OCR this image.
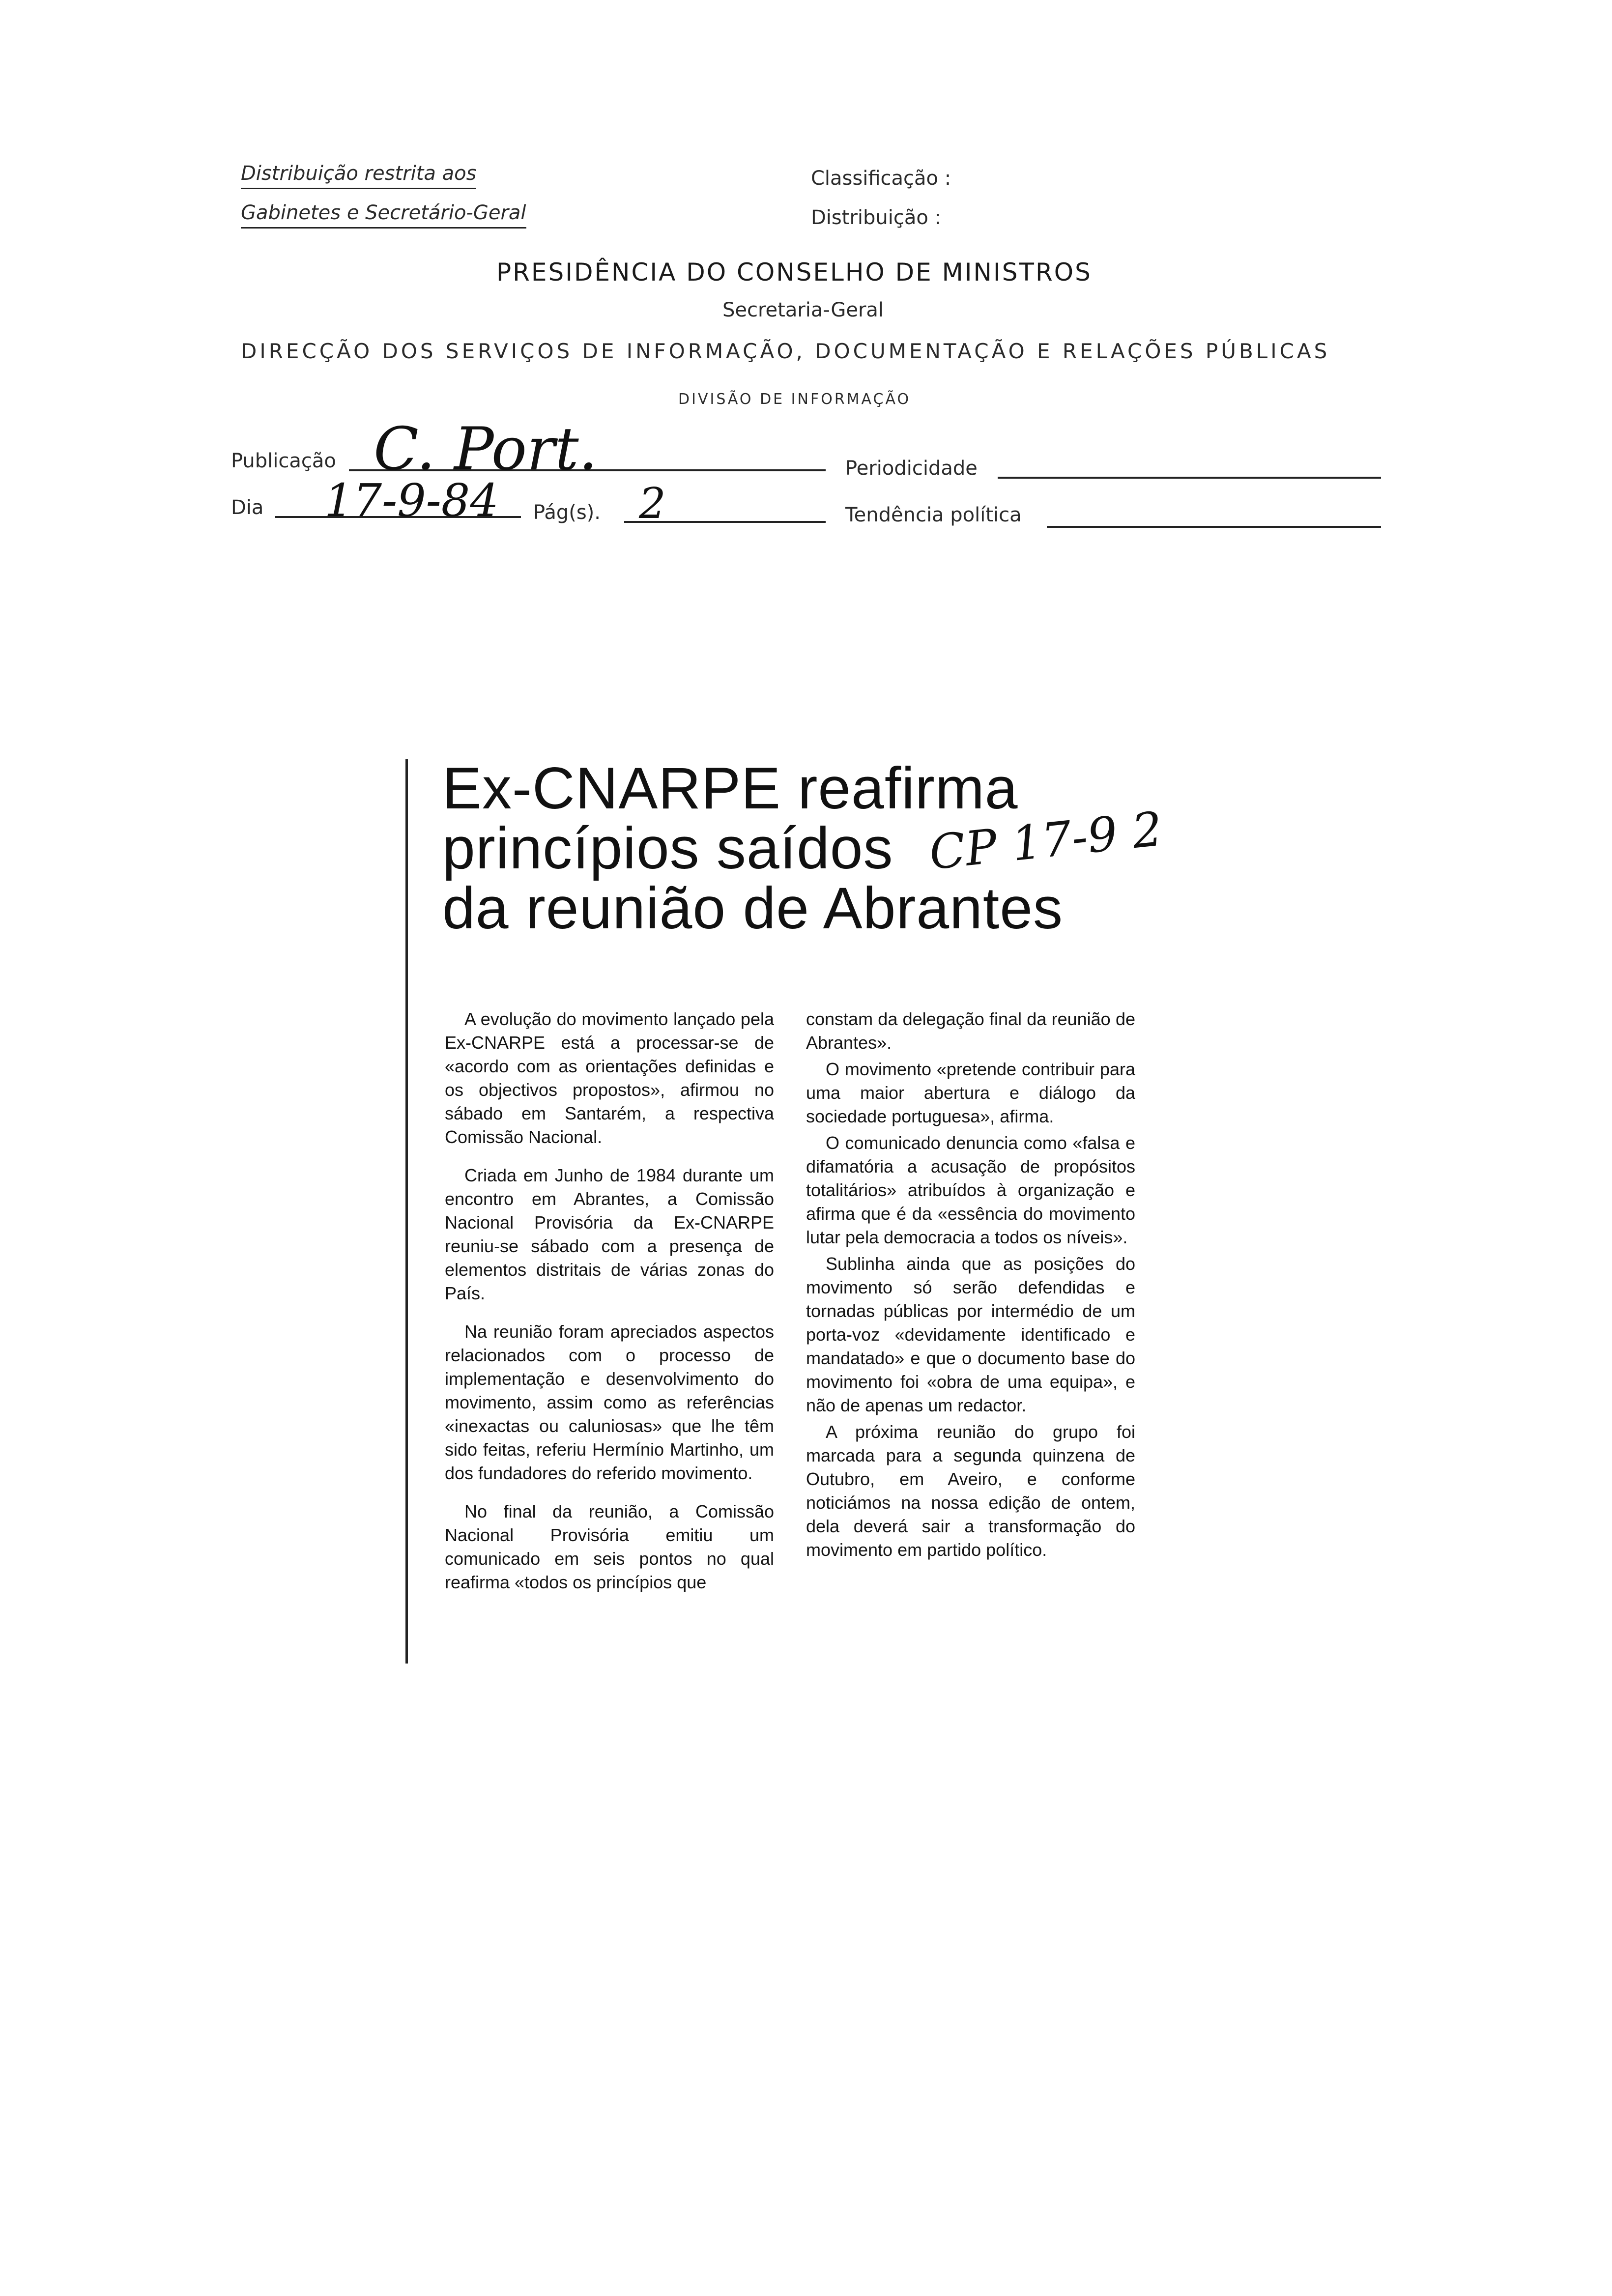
Distribuição restrita aos
Gabinetes e Secretário-Geral
Classificação :
Distribuição :
PRESIDÊNCIA DO CONSELHO DE MINISTROS
Secretaria-Geral
DIRECÇÃO DOS SERVIÇOS DE INFORMAÇÃO, DOCUMENTAÇÃO E RELAÇÕES PÚBLICAS
DIVISÃO DE INFORMAÇÃO
Publicação C. Port.	Periodicidade
Dia 17-9-84 Pág(s). 2	Tendência política
Ex-CNARPE reafirma
princípios saídos
da reunião de Abrantes
CP 17-9 2

A evolução do movimento lançado pela Ex-CNARPE está a processar-se de «acordo com as orientações definidas e os objectivos propostos», afirmou no sábado em Santarém, a respectiva Comissão Nacional.

Criada em Junho de 1984 durante um encontro em Abrantes, a Comissão Nacional Provisória da Ex-CNARPE reuniu-se sábado com a presença de elementos distritais de várias zonas do País.

Na reunião foram apreciados aspectos relacionados com o processo de implementação e desenvolvimento do movimento, assim como as referências «inexactas ou caluniosas» que lhe têm sido feitas, referiu Hermínio Martinho, um dos fundadores do referido movimento.

No final da reunião, a Comissão Nacional Provisória emitiu um comunicado em seis pontos no qual reafirma «todos os princípios que

constam da delegação final da reunião de Abrantes».

O movimento «pretende contribuir para uma maior abertura e diálogo da sociedade portuguesa», afirma.

O comunicado denuncia como «falsa e difamatória a acusação de propósitos totalitários» atribuídos à organização e afirma que é da «essência do movimento lutar pela democracia a todos os níveis».

Sublinha ainda que as posições do movimento só serão defendidas e tornadas públicas por intermédio de um porta-voz «devidamente identificado e mandatado» e que o documento base do movimento foi «obra de uma equipa», e não de apenas um redactor.

A próxima reunião do grupo foi marcada para a segunda quinzena de Outubro, em Aveiro, e conforme noticiámos na nossa edição de ontem, dela deverá sair a transformação do movimento em partido político.
